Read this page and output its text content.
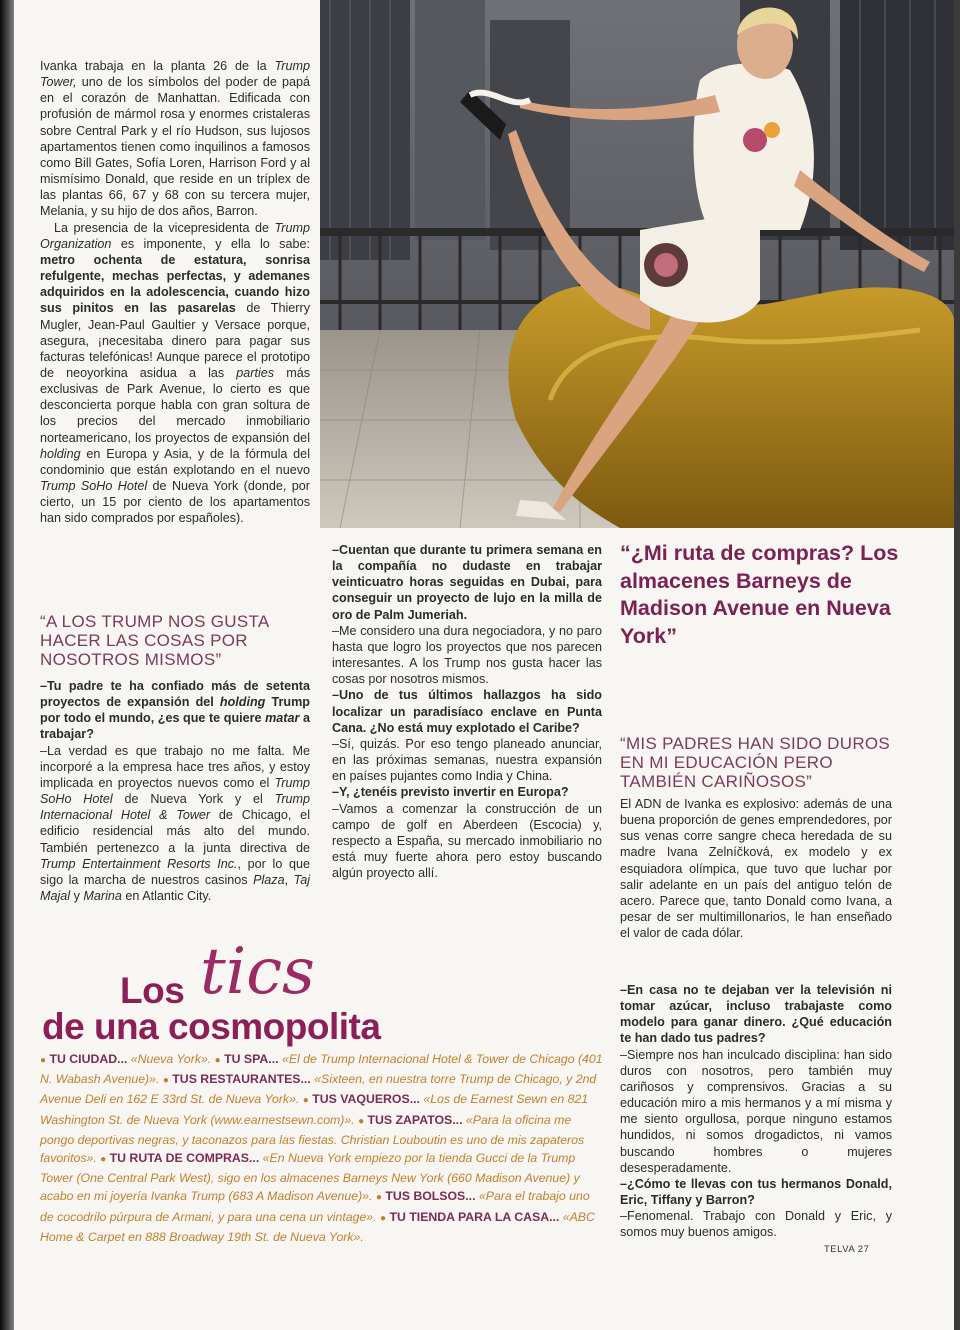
Ivanka trabaja en la planta 26 de la Trump Tower, uno de los símbolos del poder de papá en el corazón de Manhattan. Edificada con profusión de mármol rosa y enormes cristaleras sobre Central Park y el río Hudson, sus lujosos apartamentos tienen como inquilinos a famosos como Bill Gates, Sofía Loren, Harrison Ford y al mismísimo Donald, que reside en un tríplex de las plantas 66, 67 y 68 con su tercera mujer, Melania, y su hijo de dos años, Barron.

La presencia de la vicepresidenta de Trump Organization es imponente, y ella lo sabe: metro ochenta de estatura, sonrisa refulgente, mechas perfectas, y ademanes adquiridos en la adolescencia, cuando hizo sus pinitos en las pasarelas de Thierry Mugler, Jean-Paul Gaultier y Versace porque, asegura, ¡necesitaba dinero para pagar sus facturas telefónicas! Aunque parece el prototipo de neoyorkina asidua a las parties más exclusivas de Park Avenue, lo cierto es que desconcierta porque habla con gran soltura de los precios del mercado inmobiliario norteamericano, los proyectos de expansión del holding en Europa y Asia, y de la fórmula del condominio que están explotando en el nuevo Trump SoHo Hotel de Nueva York (donde, por cierto, un 15 por ciento de los apartamentos han sido comprados por españoles).

“A LOS TRUMP NOS GUSTA HACER LAS COSAS POR NOSOTROS MISMOS”

–Tu padre te ha confiado más de setenta proyectos de expansión del holding Trump por todo el mundo, ¿es que te quiere matar a trabajar?

–La verdad es que trabajo no me falta. Me incorporé a la empresa hace tres años, y estoy implicada en proyectos nuevos como el Trump SoHo Hotel de Nueva York y el Trump Internacional Hotel & Tower de Chicago, el edificio residencial más alto del mundo. También pertenezco a la junta directiva de Trump Entertainment Resorts Inc., por lo que sigo la marcha de nuestros casinos Plaza, Taj Majal y Marina en Atlantic City.

–Cuentan que durante tu primera semana en la compañía no dudaste en trabajar veinticuatro horas seguidas en Dubai, para conseguir un proyecto de lujo en la milla de oro de Palm Jumeriah.

–Me considero una dura negociadora, y no paro hasta que logro los proyectos que nos parecen interesantes. A los Trump nos gusta hacer las cosas por nosotros mismos.

–Uno de tus últimos hallazgos ha sido localizar un paradisíaco enclave en Punta Cana. ¿No está muy explotado el Caribe?

–Sí, quizás. Por eso tengo planeado anunciar, en las próximas semanas, nuestra expansión en países pujantes como India y China.

–Y, ¿tenéis previsto invertir en Europa?

–Vamos a comenzar la construcción de un campo de golf en Aberdeen (Escocia) y, respecto a España, su mercado inmobiliario no está muy fuerte ahora pero estoy buscando algún proyecto allí.

“¿Mi ruta de compras? Los almacenes Barneys de Madison Avenue en Nueva York”
“MIS PADRES HAN SIDO DUROS EN MI EDUCACIÓN PERO TAMBIÉN CARIÑOSOS”

El ADN de Ivanka es explosivo: además de una buena proporción de genes emprendedores, por sus venas corre sangre checa heredada de su madre Ivana Zelníčková, ex modelo y ex esquiadora olímpica, que tuvo que luchar por salir adelante en un país del antiguo telón de acero. Parece que, tanto Donald como Ivana, a pesar de ser multimillonarios, le han enseñado el valor de cada dólar.

–En casa no te dejaban ver la televisión ni tomar azúcar, incluso trabajaste como modelo para ganar dinero. ¿Qué educación te han dado tus padres?

–Siempre nos han inculcado disciplina: han sido duros con nosotros, pero también muy cariñosos y comprensivos. Gracias a su educación miro a mis hermanos y a mí misma y me siento orgullosa, porque ninguno estamos hundidos, ni somos drogadictos, ni vamos buscando hombres o mujeres desesperadamente.

–¿Cómo te llevas con tus hermanos Donald, Eric, Tiffany y Barron?

–Fenomenal. Trabajo con Donald y Eric, y somos muy buenos amigos.

Los tics
de una cosmopolita
● TU CIUDAD... «Nueva York». ● TU SPA... «El de Trump Internacional Hotel & Tower de Chicago (401 N. Wabash Avenue)». ● TUS RESTAURANTES... «Sixteen, en nuestra torre Trump de Chicago, y 2nd Avenue Deli en 162 E 33rd St. de Nueva York». ● TUS VAQUEROS... «Los de Earnest Sewn en 821 Washington St. de Nueva York (www.earnestsewn.com)». ● TUS ZAPATOS... «Para la oficina me pongo deportivas negras, y taconazos para las fiestas. Christian Louboutin es uno de mis zapateros favoritos». ● TU RUTA DE COMPRAS... «En Nueva York empiezo por la tienda Gucci de la Trump Tower (One Central Park West), sigo en los almacenes Barneys New York (660 Madison Avenue) y acabo en mi joyería Ivanka Trump (683 A Madison Avenue)». ● TUS BOLSOS... «Para el trabajo uno de cocodrilo púrpura de Armani, y para una cena un vintage». ● TU TIENDA PARA LA CASA... «ABC Home & Carpet en 888 Broadway 19th St. de Nueva York».
TELVA 27
